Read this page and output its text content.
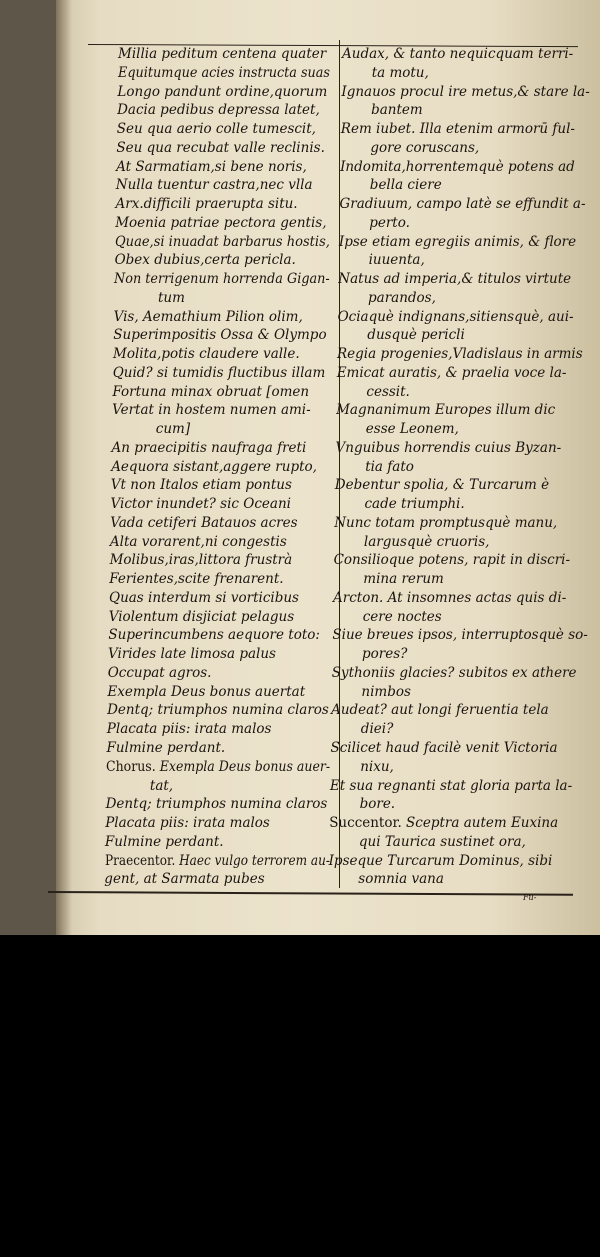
Millia peditum centena quater
Equitumque acies instructa suas
Longo pandunt ordine,quorum
Dacia pedibus depressa latet,
Seu qua aerio colle tumescit,
Seu qua recubat valle reclinis.
At Sarmatiam,si bene noris,
Nulla tuentur castra,nec vlla
Arx.difficili praerupta situ.
Moenia patriae pectora gentis,
Quae,si inuadat barbarus hostis,
Obex dubius,certa pericla.
Non terrigenum horrenda Gigan-
tum
Vis, Aemathium Pilion olim,
Superimpositis Ossa & Olympo
Molita,potis claudere valle.
Quid? si tumidis fluctibus illam
Fortuna minax obruat [omen
Vertat in hostem numen ami-
cum]
An praecipitis naufraga freti
Aequora sistant,aggere rupto,
Vt non Italos etiam pontus
Victor inundet? sic Oceani
Vada cetiferi Batauos acres
Alta vorarent,ni congestis
Molibus,iras,littora frustrà
Ferientes,scite frenarent.
Quas interdum si vorticibus
Violentum disjiciat pelagus
Superincumbens aequore toto:
Virides late limosa palus
Occupat agros.
Exempla Deus bonus auertat
Dentq; triumphos numina claros
Placata piis: irata malos
Fulmine perdant.
Chorus. Exempla Deus bonus auer-
tat,
Dentq; triumphos numina claros
Placata piis: irata malos
Fulmine perdant.
Praecentor. Haec vulgo terrorem au-
gent, at Sarmata pubes
Audax, & tanto nequicquam terri-
ta motu,
Ignauos procul ire metus,& stare la-
bantem
Rem iubet. Illa etenim armorū ful-
gore coruscans,
Indomita,horrentemquè potens ad
bella ciere
Gradiuum, campo latè se effundit a-
perto.
Ipse etiam egregiis animis, & flore
iuuenta,
Natus ad imperia,& titulos virtute
parandos,
Ociaquè indignans,sitiensquè, aui-
dusquè pericli
Regia progenies,Vladislaus in armis
Emicat auratis, & praelia voce la-
cessit.
Magnanimum Europes illum dic
esse Leonem,
Vnguibus horrendis cuius Byzan-
tia fato
Debentur spolia, & Turcarum è
cade triumphi.
Nunc totam promptusquè manu,
largusquè cruoris,
Consilioque potens, rapit in discri-
mina rerum
Arcton. At insomnes actas quis di-
cere noctes
Siue breues ipsos, interruptosquè so-
pores?
Sythoniis glacies? subitos ex athere
nimbos
Audeat? aut longi feruentia tela
diei?
Scilicet haud facilè venit Victoria
nixu,
Et sua regnanti stat gloria parta la-
bore.
Succentor. Sceptra autem Euxina
qui Taurica sustinet ora,
Ipseque Turcarum Dominus, sibi
somnia vana
Fu-
